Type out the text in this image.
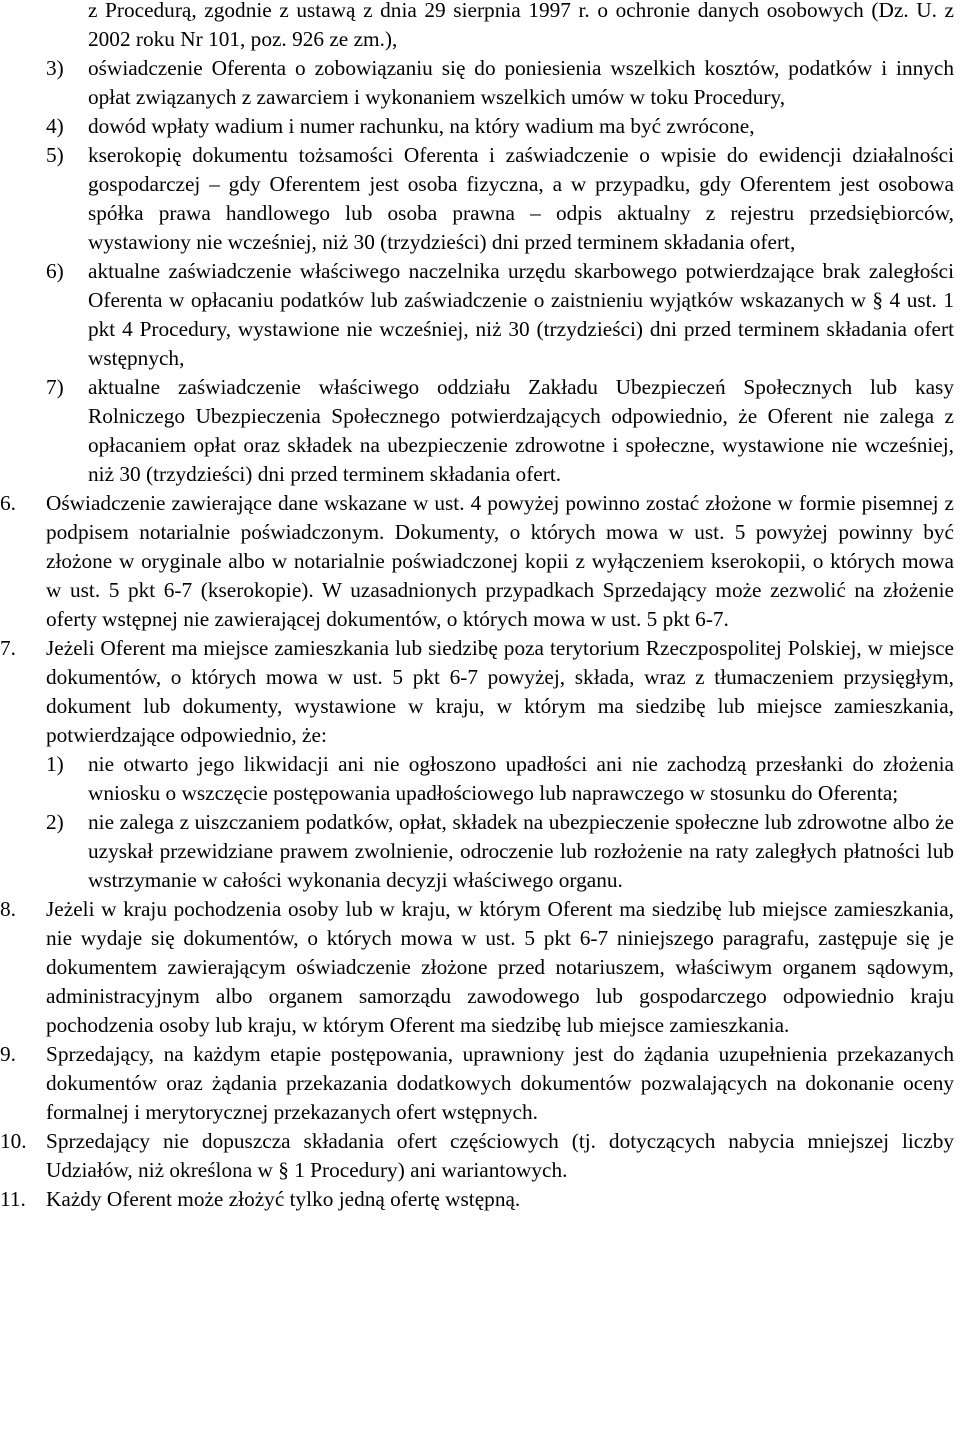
z Procedurą, zgodnie z ustawą z dnia 29 sierpnia 1997 r. o ochronie danych osobowych (Dz. U. z 2002 roku Nr 101, poz. 926 ze zm.),
3) oświadczenie Oferenta o zobowiązaniu się do poniesienia wszelkich kosztów, podatków i innych opłat związanych z zawarciem i wykonaniem wszelkich umów w toku Procedury,
4) dowód wpłaty wadium i numer rachunku, na który wadium ma być zwrócone,
5) kserokopię dokumentu tożsamości Oferenta i zaświadczenie o wpisie do ewidencji działalności gospodarczej – gdy Oferentem jest osoba fizyczna, a w przypadku, gdy Oferentem jest osobowa spółka prawa handlowego lub osoba prawna – odpis aktualny z rejestru przedsiębiorców, wystawiony nie wcześniej, niż 30 (trzydzieści) dni przed terminem składania ofert,
6) aktualne zaświadczenie właściwego naczelnika urzędu skarbowego potwierdzające brak zaległości Oferenta w opłacaniu podatków lub zaświadczenie o zaistnieniu wyjątków wskazanych w § 4 ust. 1 pkt 4 Procedury, wystawione nie wcześniej, niż 30 (trzydzieści) dni przed terminem składania ofert wstępnych,
7) aktualne zaświadczenie właściwego oddziału Zakładu Ubezpieczeń Społecznych lub kasy Rolniczego Ubezpieczenia Społecznego potwierdzających odpowiednio, że Oferent nie zalega z opłacaniem opłat oraz składek na ubezpieczenie zdrowotne i społeczne, wystawione nie wcześniej, niż 30 (trzydzieści) dni przed terminem składania ofert.
6. Oświadczenie zawierające dane wskazane w ust. 4 powyżej powinno zostać złożone w formie pisemnej z podpisem notarialnie poświadczonym. Dokumenty, o których mowa w ust. 5 powyżej powinny być złożone w oryginale albo w notarialnie poświadczonej kopii z wyłączeniem kserokopii, o których mowa w ust. 5 pkt 6-7 (kserokopie). W uzasadnionych przypadkach Sprzedający może zezwolić na złożenie oferty wstępnej nie zawierającej dokumentów, o których mowa w ust. 5 pkt 6-7.
7. Jeżeli Oferent ma miejsce zamieszkania lub siedzibę poza terytorium Rzeczpospolitej Polskiej, w miejsce dokumentów, o których mowa w ust. 5 pkt 6-7 powyżej, składa, wraz z tłumaczeniem przysięgłym, dokument lub dokumenty, wystawione w kraju, w którym ma siedzibę lub miejsce zamieszkania, potwierdzające odpowiednio, że:
1) nie otwarto jego likwidacji ani nie ogłoszono upadłości ani nie zachodzą przesłanki do złożenia wniosku o wszczęcie postępowania upadłościowego lub naprawczego w stosunku do Oferenta;
2) nie zalega z uiszczaniem podatków, opłat, składek na ubezpieczenie społeczne lub zdrowotne albo że uzyskał przewidziane prawem zwolnienie, odroczenie lub rozłożenie na raty zaległych płatności lub wstrzymanie w całości wykonania decyzji właściwego organu.
8. Jeżeli w kraju pochodzenia osoby lub w kraju, w którym Oferent ma siedzibę lub miejsce zamieszkania, nie wydaje się dokumentów, o których mowa w ust. 5 pkt 6-7 niniejszego paragrafu, zastępuje się je dokumentem zawierającym oświadczenie złożone przed notariuszem, właściwym organem sądowym, administracyjnym albo organem samorządu zawodowego lub gospodarczego odpowiednio kraju pochodzenia osoby lub kraju, w którym Oferent ma siedzibę lub miejsce zamieszkania.
9. Sprzedający, na każdym etapie postępowania, uprawniony jest do żądania uzupełnienia przekazanych dokumentów oraz żądania przekazania dodatkowych dokumentów pozwalających na dokonanie oceny formalnej i merytorycznej przekazanych ofert wstępnych.
10. Sprzedający nie dopuszcza składania ofert częściowych (tj. dotyczących nabycia mniejszej liczby Udziałów, niż określona w § 1 Procedury) ani wariantowych.
11. Każdy Oferent może złożyć tylko jedną ofertę wstępną.
